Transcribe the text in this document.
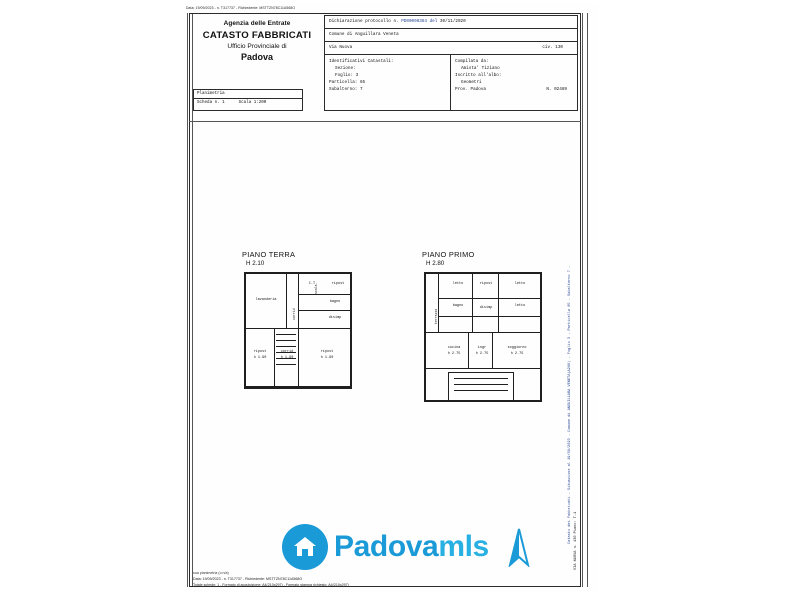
Data: 19/09/2023 - n. T317737 - Richiedente: MSTTZN78C11A568O
Agenzia delle Entrate
CATASTO FABBRICATI
Ufficio Provinciale di
Padova
Planimetria
Scheda n. 1	Scala 1:200
Dichiarazione protocollo n. PD00098384 del 30/11/2020
Comune di Anguillara Veneta
Via Nuova	civ. 130
Identificativi Catastali:
Sezione:
Foglio: 3
Particella: 65
Subalterno: 7
Compilata da:
Amista' Tiziano
Iscritto all'albo:
Geometri
Prov. Padova	N. 02489
PIANO TERRA
H 2.10
C.T.	ripost
bagno
lavanderia
disimp
corrid
scala
ripost
h 1.90
corrid
h 1.90
ripost
h 1.90
PIANO PRIMO
H 2.80
terrazza
letto	ripost	letto
bagno	disimp	letto
cucina
h 2.75
ingr
h 2.75
soggiorno
h 2.75	Catasto dei Fabbricati - Situazione al 19/09/2023 - Comune di ANGUILLARA VENETA(A296) - Foglio 3 - Particella 65 - Subalterno 7 - VIA NUOVA n. 130 Piano: T-1
sua planimetria (o n/a)
Data: 19/09/2023 - n. T317737 - Richiedente: MSTTZN78C11A568O
Totale schede: 1 - Formato di acquisizione: A4(210x297) - Formato stampa richiesto: A4(210x297)
Padovamls
